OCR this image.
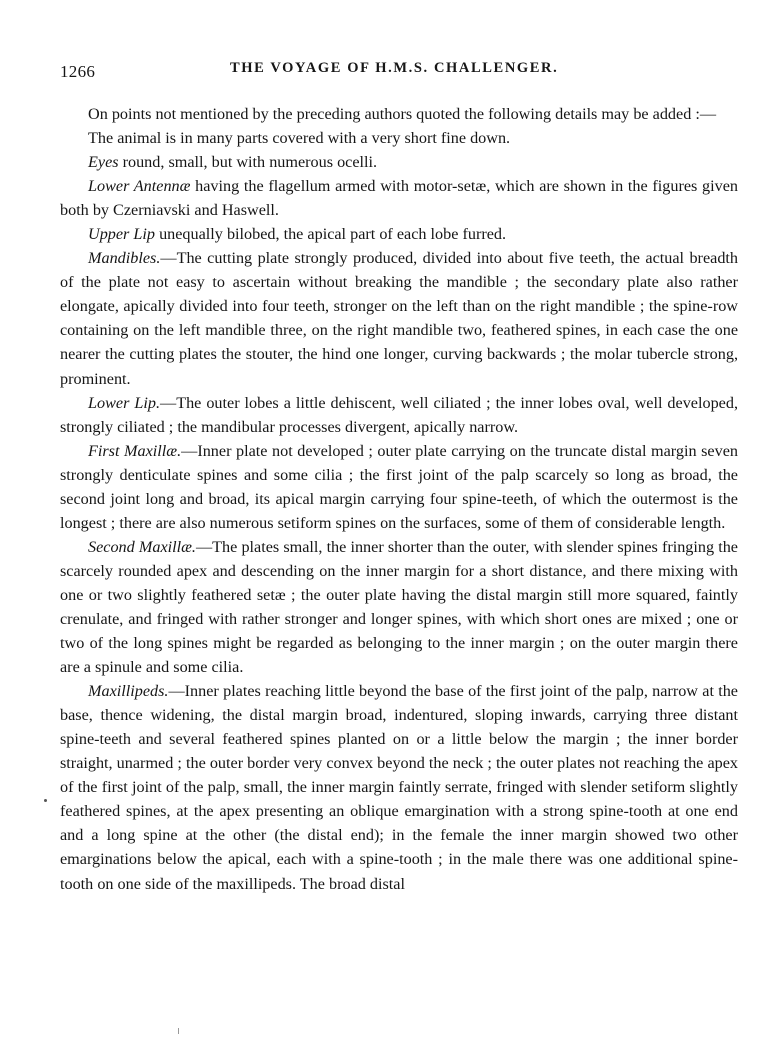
1266	THE VOYAGE OF H.M.S. CHALLENGER.

On points not mentioned by the preceding authors quoted the following details may be added :—

The animal is in many parts covered with a very short fine down.

Eyes round, small, but with numerous ocelli.

Lower Antennæ having the flagellum armed with motor-setæ, which are shown in the figures given both by Czerniavski and Haswell.

Upper Lip unequally bilobed, the apical part of each lobe furred.

Mandibles.—The cutting plate strongly produced, divided into about five teeth, the actual breadth of the plate not easy to ascertain without breaking the mandible ; the secondary plate also rather elongate, apically divided into four teeth, stronger on the left than on the right mandible ; the spine-row containing on the left mandible three, on the right mandible two, feathered spines, in each case the one nearer the cutting plates the stouter, the hind one longer, curving backwards ; the molar tubercle strong, prominent.

Lower Lip.—The outer lobes a little dehiscent, well ciliated ; the inner lobes oval, well developed, strongly ciliated ; the mandibular processes divergent, apically narrow.

First Maxillæ.—Inner plate not developed ; outer plate carrying on the truncate distal margin seven strongly denticulate spines and some cilia ; the first joint of the palp scarcely so long as broad, the second joint long and broad, its apical margin carrying four spine-teeth, of which the outermost is the longest ; there are also numerous setiform spines on the surfaces, some of them of considerable length.

Second Maxillæ.—The plates small, the inner shorter than the outer, with slender spines fringing the scarcely rounded apex and descending on the inner margin for a short distance, and there mixing with one or two slightly feathered setæ ; the outer plate having the distal margin still more squared, faintly crenulate, and fringed with rather stronger and longer spines, with which short ones are mixed ; one or two of the long spines might be regarded as belonging to the inner margin ; on the outer margin there are a spinule and some cilia.

Maxillipeds.—Inner plates reaching little beyond the base of the first joint of the palp, narrow at the base, thence widening, the distal margin broad, indentured, sloping inwards, carrying three distant spine-teeth and several feathered spines planted on or a little below the margin ; the inner border straight, unarmed ; the outer border very convex beyond the neck ; the outer plates not reaching the apex of the first joint of the palp, small, the inner margin faintly serrate, fringed with slender setiform slightly feathered spines, at the apex presenting an oblique emargination with a strong spine-tooth at one end and a long spine at the other (the distal end); in the female the inner margin showed two other emarginations below the apical, each with a spine-tooth ; in the male there was one additional spine-tooth on one side of the maxillipeds. The broad distal
